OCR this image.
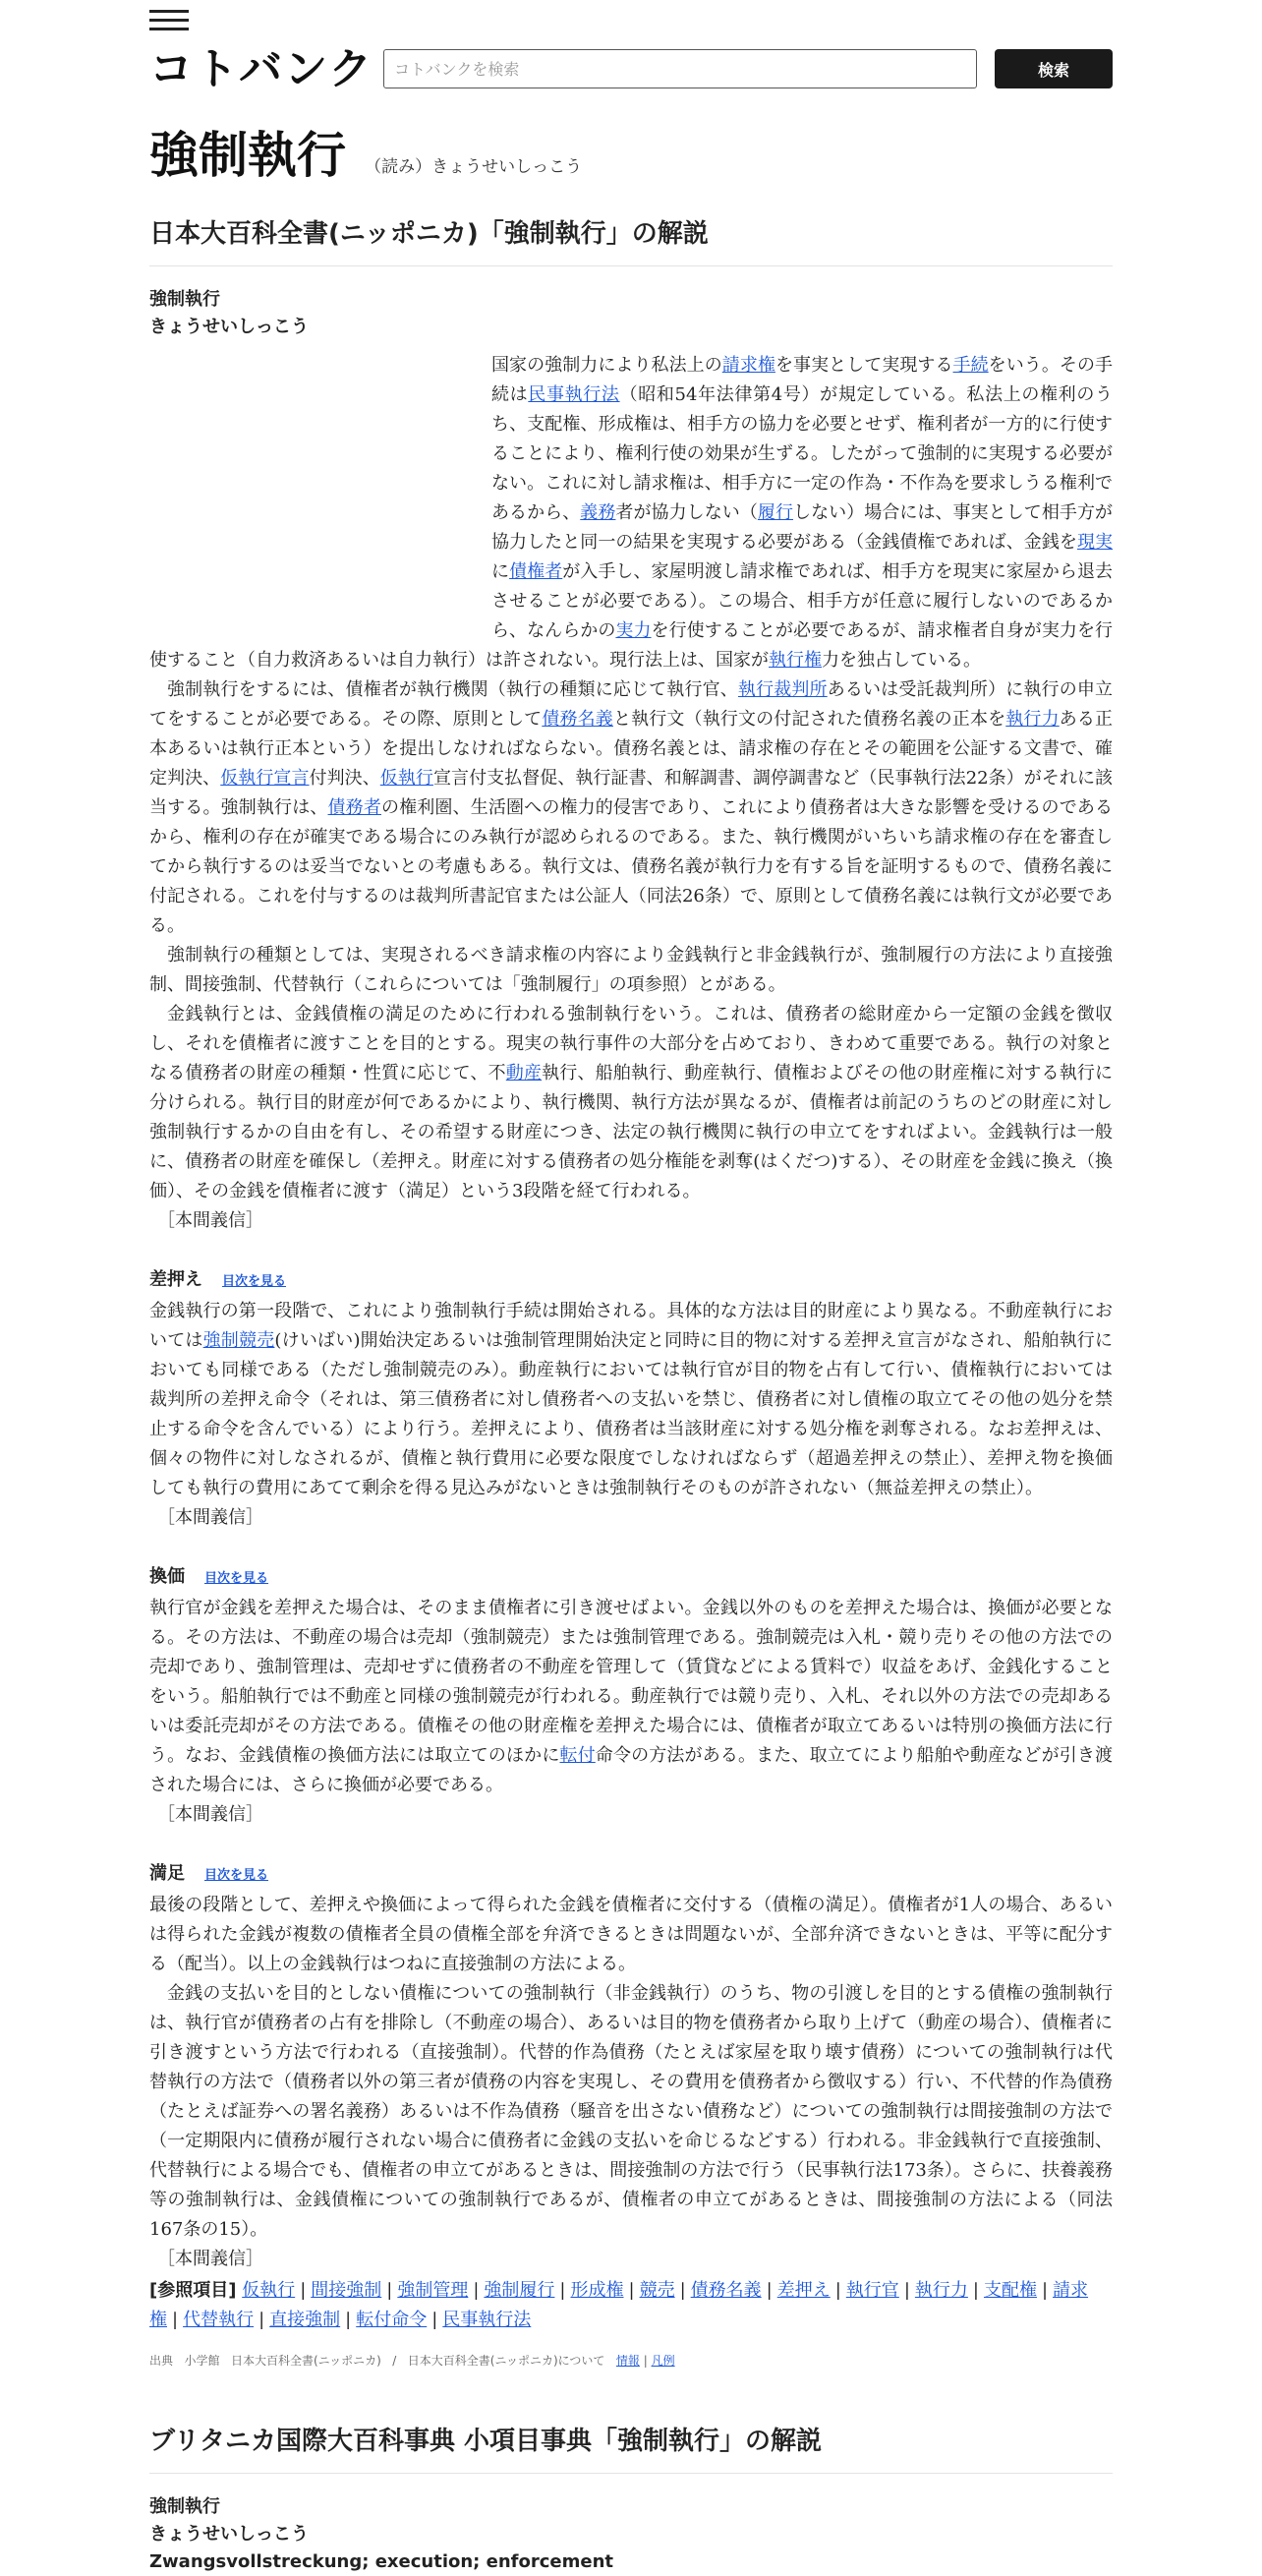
コトバンク
コトバンクを検索	検索
強制執行 （読み）きょうせいしっこう
日本大百科全書(ニッポニカ)「強制執行」の解説
強制執行
きょうせいしっこう

国家の強制力により私法上の請求権を事実として実現する手続をいう。その手続は民事執行法（昭和54年法律第4号）が規定している。私法上の権利のうち、支配権、形成権は、相手方の協力を必要とせず、権利者が一方的に行使することにより、権利行使の効果が生ずる。したがって強制的に実現する必要がない。これに対し請求権は、相手方に一定の作為・不作為を要求しうる権利であるから、義務者が協力しない（履行しない）場合には、事実として相手方が協力したと同一の結果を実現する必要がある（金銭債権であれば、金銭を現実に債権者が入手し、家屋明渡し請求権であれば、相手方を現実に家屋から退去させることが必要である）。この場合、相手方が任意に履行しないのであるから、なんらかの実力を行使することが必要であるが、請求権者自身が実力を行使すること（自力救済あるいは自力執行）は許されない。現行法上は、国家が執行権力を独占している。

強制執行をするには、債権者が執行機関（執行の種類に応じて執行官、執行裁判所あるいは受託裁判所）に執行の申立てをすることが必要である。その際、原則として債務名義と執行文（執行文の付記された債務名義の正本を執行力ある正本あるいは執行正本という）を提出しなければならない。債務名義とは、請求権の存在とその範囲を公証する文書で、確定判決、仮執行宣言付判決、仮執行宣言付支払督促、執行証書、和解調書、調停調書など（民事執行法22条）がそれに該当する。強制執行は、債務者の権利圏、生活圏への権力的侵害であり、これにより債務者は大きな影響を受けるのであるから、権利の存在が確実である場合にのみ執行が認められるのである。また、執行機関がいちいち請求権の存在を審査してから執行するのは妥当でないとの考慮もある。執行文は、債務名義が執行力を有する旨を証明するもので、債務名義に付記される。これを付与するのは裁判所書記官または公証人（同法26条）で、原則として債務名義には執行文が必要である。

強制執行の種類としては、実現されるべき請求権の内容により金銭執行と非金銭執行が、強制履行の方法により直接強制、間接強制、代替執行（これらについては「強制履行」の項参照）とがある。

金銭執行とは、金銭債権の満足のために行われる強制執行をいう。これは、債務者の総財産から一定額の金銭を徴収し、それを債権者に渡すことを目的とする。現実の執行事件の大部分を占めており、きわめて重要である。執行の対象となる債務者の財産の種類・性質に応じて、不動産執行、船舶執行、動産執行、債権およびその他の財産権に対する執行に分けられる。執行目的財産が何であるかにより、執行機関、執行方法が異なるが、債権者は前記のうちのどの財産に対し強制執行するかの自由を有し、その希望する財産につき、法定の執行機関に執行の申立てをすればよい。金銭執行は一般に、債務者の財産を確保し（差押え。財産に対する債務者の処分権能を剥奪(はくだつ)する）、その財産を金銭に換え（換価）、その金銭を債権者に渡す（満足）という3段階を経て行われる。

［本間義信］
差押え 目次を見る

金銭執行の第一段階で、これにより強制執行手続は開始される。具体的な方法は目的財産により異なる。不動産執行においては強制競売(けいばい)開始決定あるいは強制管理開始決定と同時に目的物に対する差押え宣言がなされ、船舶執行においても同様である（ただし強制競売のみ）。動産執行においては執行官が目的物を占有して行い、債権執行においては裁判所の差押え命令（それは、第三債務者に対し債務者への支払いを禁じ、債務者に対し債権の取立てその他の処分を禁止する命令を含んでいる）により行う。差押えにより、債務者は当該財産に対する処分権を剥奪される。なお差押えは、個々の物件に対しなされるが、債権と執行費用に必要な限度でしなければならず（超過差押えの禁止）、差押え物を換価しても執行の費用にあてて剰余を得る見込みがないときは強制執行そのものが許されない（無益差押えの禁止）。

［本間義信］
換価 目次を見る

執行官が金銭を差押えた場合は、そのまま債権者に引き渡せばよい。金銭以外のものを差押えた場合は、換価が必要となる。その方法は、不動産の場合は売却（強制競売）または強制管理である。強制競売は入札・競り売りその他の方法での売却であり、強制管理は、売却せずに債務者の不動産を管理して（賃貸などによる賃料で）収益をあげ、金銭化することをいう。船舶執行では不動産と同様の強制競売が行われる。動産執行では競り売り、入札、それ以外の方法での売却あるいは委託売却がその方法である。債権その他の財産権を差押えた場合には、債権者が取立てあるいは特別の換価方法に行う。なお、金銭債権の換価方法には取立てのほかに転付命令の方法がある。また、取立てにより船舶や動産などが引き渡された場合には、さらに換価が必要である。

［本間義信］
満足 目次を見る

最後の段階として、差押えや換価によって得られた金銭を債権者に交付する（債権の満足）。債権者が1人の場合、あるいは得られた金銭が複数の債権者全員の債権全部を弁済できるときは問題ないが、全部弁済できないときは、平等に配分する（配当）。以上の金銭執行はつねに直接強制の方法による。

金銭の支払いを目的としない債権についての強制執行（非金銭執行）のうち、物の引渡しを目的とする債権の強制執行は、執行官が債務者の占有を排除し（不動産の場合）、あるいは目的物を債務者から取り上げて（動産の場合）、債権者に引き渡すという方法で行われる（直接強制）。代替的作為債務（たとえば家屋を取り壊す債務）についての強制執行は代替執行の方法で（債務者以外の第三者が債務の内容を実現し、その費用を債務者から徴収する）行い、不代替的作為債務（たとえば証券への署名義務）あるいは不作為債務（騒音を出さない債務など）についての強制執行は間接強制の方法で（一定期限内に債務が履行されない場合に債務者に金銭の支払いを命じるなどする）行われる。非金銭執行で直接強制、代替執行による場合でも、債権者の申立てがあるときは、間接強制の方法で行う（民事執行法173条）。さらに、扶養義務等の強制執行は、金銭債権についての強制執行であるが、債権者の申立てがあるときは、間接強制の方法による（同法167条の15）。

［本間義信］
[参照項目] 仮執行 | 間接強制 | 強制管理 | 強制履行 | 形成権 | 競売 | 債務名義 | 差押え | 執行官 | 執行力 | 支配権 | 請求権 | 代替執行 | 直接強制 | 転付命令 | 民事執行法
出典 小学館 日本大百科全書(ニッポニカ) / 日本大百科全書(ニッポニカ)について 情報 | 凡例
ブリタニカ国際大百科事典 小項目事典「強制執行」の解説
強制執行
きょうせいしっこう
Zwangsvollstreckung; execution; enforcement
